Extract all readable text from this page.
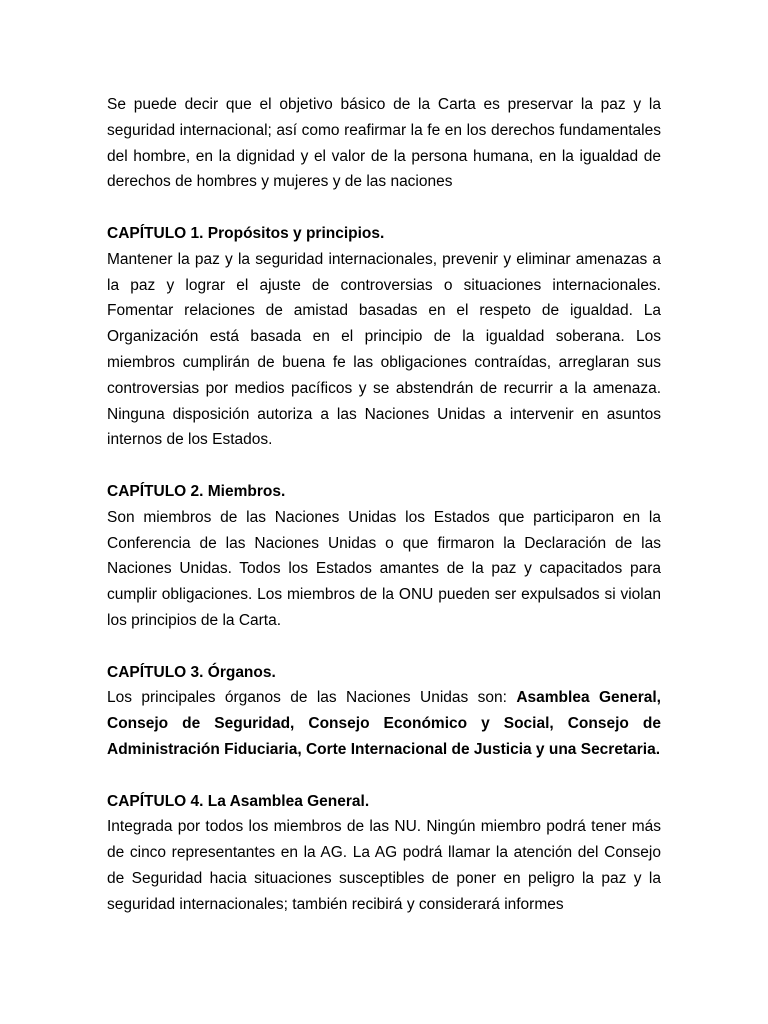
Se puede decir que el objetivo básico de la Carta es preservar la paz y la seguridad internacional; así como reafirmar la fe en los derechos fundamentales del hombre, en la dignidad y el valor de la persona humana, en la igualdad de derechos de hombres y mujeres y de las naciones

CAPÍTULO 1. Propósitos y principios.

Mantener la paz y la seguridad internacionales, prevenir y eliminar amenazas a la paz y lograr el ajuste de controversias o situaciones internacionales. Fomentar relaciones de amistad basadas en el respeto de igualdad. La Organización está basada en el principio de la igualdad soberana. Los miembros cumplirán de buena fe las obligaciones contraídas, arreglaran sus controversias por medios pacíficos y se abstendrán de recurrir a la amenaza. Ninguna disposición autoriza a las Naciones Unidas a intervenir en asuntos internos de los Estados.

CAPÍTULO 2. Miembros.

Son miembros de las Naciones Unidas los Estados que participaron en la Conferencia de las Naciones Unidas o que firmaron la Declaración de las Naciones Unidas. Todos los Estados amantes de la paz y capacitados para cumplir obligaciones. Los miembros de la ONU pueden ser expulsados si violan los principios de la Carta.

CAPÍTULO 3. Órganos.

Los principales órganos de las Naciones Unidas son: Asamblea General, Consejo de Seguridad, Consejo Económico y Social, Consejo de Administración Fiduciaria, Corte Internacional de Justicia y una Secretaria.

CAPÍTULO 4. La Asamblea General.

Integrada por todos los miembros de las NU. Ningún miembro podrá tener más de cinco representantes en la AG. La AG podrá llamar la atención del Consejo de Seguridad hacia situaciones susceptibles de poner en peligro la paz y la seguridad internacionales; también recibirá y considerará informes
